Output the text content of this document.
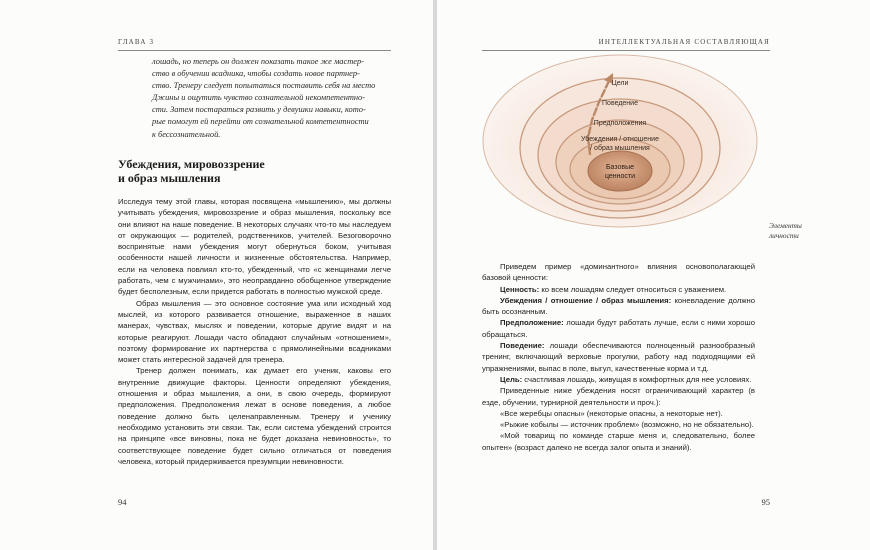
ГЛАВА 3

лошадь, но теперь он должен показать такое же мастер-
ство в обучении всадника, чтобы создать новое партнер-
ство. Тренеру следует попытаться поставить себя на место
Джины и ощутить чувство сознательной некомпетентно-
сти. Затем постараться развить у девушки навыки, кото-
рые помогут ей перейти от сознательной компетентности
к бессознательной.

Убеждения, мировоззрение
и образ мышления

Исследуя тему этой главы, которая посвящена «мышлению», мы должны учитывать убеждения, мировоззрение и образ мышления, поскольку все они влияют на наше поведение. В некоторых случаях что-то мы наследуем от окружающих — родителей, родственников, учителей. Безоговорочно воспринятые нами убеждения могут обернуться боком, учитывая особенности нашей личности и жизненные обстоятельства. Например, если на человека повлиял кто-то, убежденный, что «с женщинами легче работать, чем с мужчинами», это неоправданно обобщенное утверждение будет бесполезным, если придется работать в полностью мужской среде.

Образ мышления — это основное состояние ума или исходный ход мыслей, из которого развивается отношение, выраженное в наших манерах, чувствах, мыслях и поведении, которые другие видят и на которые реагируют. Лошади часто обладают случайным «отношением», поэтому формирование их партнерства с прямолинейными всадниками может стать интересной задачей для тренера.

Тренер должен понимать, как думает его ученик, каковы его внутренние движущие факторы. Ценности определяют убеждения, отношения и образ мышления, а они, в свою очередь, формируют предположения. Предположения лежат в основе поведения, а любое поведение должно быть целенаправленным. Тренеру и ученику необходимо установить эти связи. Так, если система убеждений строится на принципе «все виновны, пока не будет доказана невиновность», то соответствующее поведение будет сильно отличаться от поведения человека, который придерживается презумпции невиновности.

94
ИНТЕЛЛЕКТУАЛЬНАЯ СОСТАВЛЯЮЩАЯ
95
Цели
Поведение
Предположения
Убеждения / отношение
/ образ мышления
Базовые
ценности

Элементы
личности

Приведем пример «доминантного» влияния основополагающей базовой ценности:

Ценность: ко всем лошадям следует относиться с уважением.

Убеждения / отношение / образ мышления: коневладение должно быть осознанным.

Предположение: лошади будут работать лучше, если с ними хорошо обращаться.

Поведение: лошади обеспечиваются полноценный разнообразный тренинг, включающий верховые прогулки, работу над подходящими ей упражнениями, выпас в поле, выгул, качественные корма и т.д.

Цель: счастливая лошадь, живущая в комфортных для нее условиях.

Приведенные ниже убеждения носят ограничивающий характер (в езде, обучении, турнирной деятельности и проч.):

«Все жеребцы опасны» (некоторые опасны, а некоторые нет).

«Рыжие кобылы — источник проблем» (возможно, но не обязательно).

«Мой товарищ по команде старше меня и, следовательно, более опытен» (возраст далеко не всегда залог опыта и знаний).
